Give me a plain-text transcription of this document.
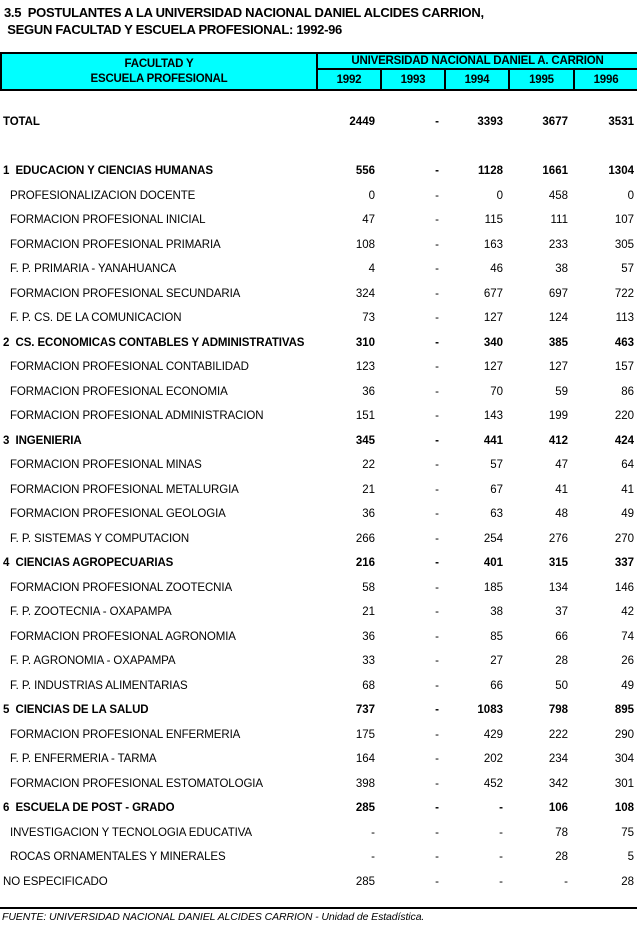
3.5  POSTULANTES A LA UNIVERSIDAD NACIONAL DANIEL ALCIDES CARRION,
SEGUN FACULTAD Y ESCUELA PROFESIONAL: 1992-96
FACULTAD Y
ESCUELA PROFESIONAL	UNIVERSIDAD NACIONAL DANIEL A. CARRION				
	1992	1993	1994	1995	1996
TOTAL	2449	-	3393	3677	3531
1  EDUCACION Y CIENCIAS HUMANAS	556	-	1128	1661	1304
PROFESIONALIZACION DOCENTE	0	-	0	458	0
FORMACION PROFESIONAL INICIAL	47	-	115	111	107
FORMACION PROFESIONAL PRIMARIA	108	-	163	233	305
F. P. PRIMARIA - YANAHUANCA	4	-	46	38	57
FORMACION PROFESIONAL SECUNDARIA	324	-	677	697	722
F. P. CS. DE LA COMUNICACION	73	-	127	124	113
2  CS. ECONOMICAS CONTABLES Y ADMINISTRATIVAS	310	-	340	385	463
FORMACION PROFESIONAL CONTABILIDAD	123	-	127	127	157
FORMACION PROFESIONAL ECONOMIA	36	-	70	59	86
FORMACION PROFESIONAL ADMINISTRACION	151	-	143	199	220
3  INGENIERIA	345	-	441	412	424
FORMACION PROFESIONAL MINAS	22	-	57	47	64
FORMACION PROFESIONAL METALURGIA	21	-	67	41	41
FORMACION PROFESIONAL GEOLOGIA	36	-	63	48	49
F. P. SISTEMAS Y COMPUTACION	266	-	254	276	270
4  CIENCIAS AGROPECUARIAS	216	-	401	315	337
FORMACION PROFESIONAL ZOOTECNIA	58	-	185	134	146
F. P. ZOOTECNIA - OXAPAMPA	21	-	38	37	42
FORMACION PROFESIONAL AGRONOMIA	36	-	85	66	74
F. P. AGRONOMIA - OXAPAMPA	33	-	27	28	26
F. P. INDUSTRIAS ALIMENTARIAS	68	-	66	50	49
5  CIENCIAS DE LA SALUD	737	-	1083	798	895
FORMACION PROFESIONAL ENFERMERIA	175	-	429	222	290
F. P. ENFERMERIA - TARMA	164	-	202	234	304
FORMACION PROFESIONAL ESTOMATOLOGIA	398	-	452	342	301
6  ESCUELA DE POST - GRADO	285	-	-	106	108
INVESTIGACION Y TECNOLOGIA EDUCATIVA	-	-	-	78	75
ROCAS ORNAMENTALES Y MINERALES	-	-	-	28	5
NO ESPECIFICADO	285	-	-	-	28
FUENTE: UNIVERSIDAD NACIONAL DANIEL ALCIDES CARRION - Unidad de Estadística.
